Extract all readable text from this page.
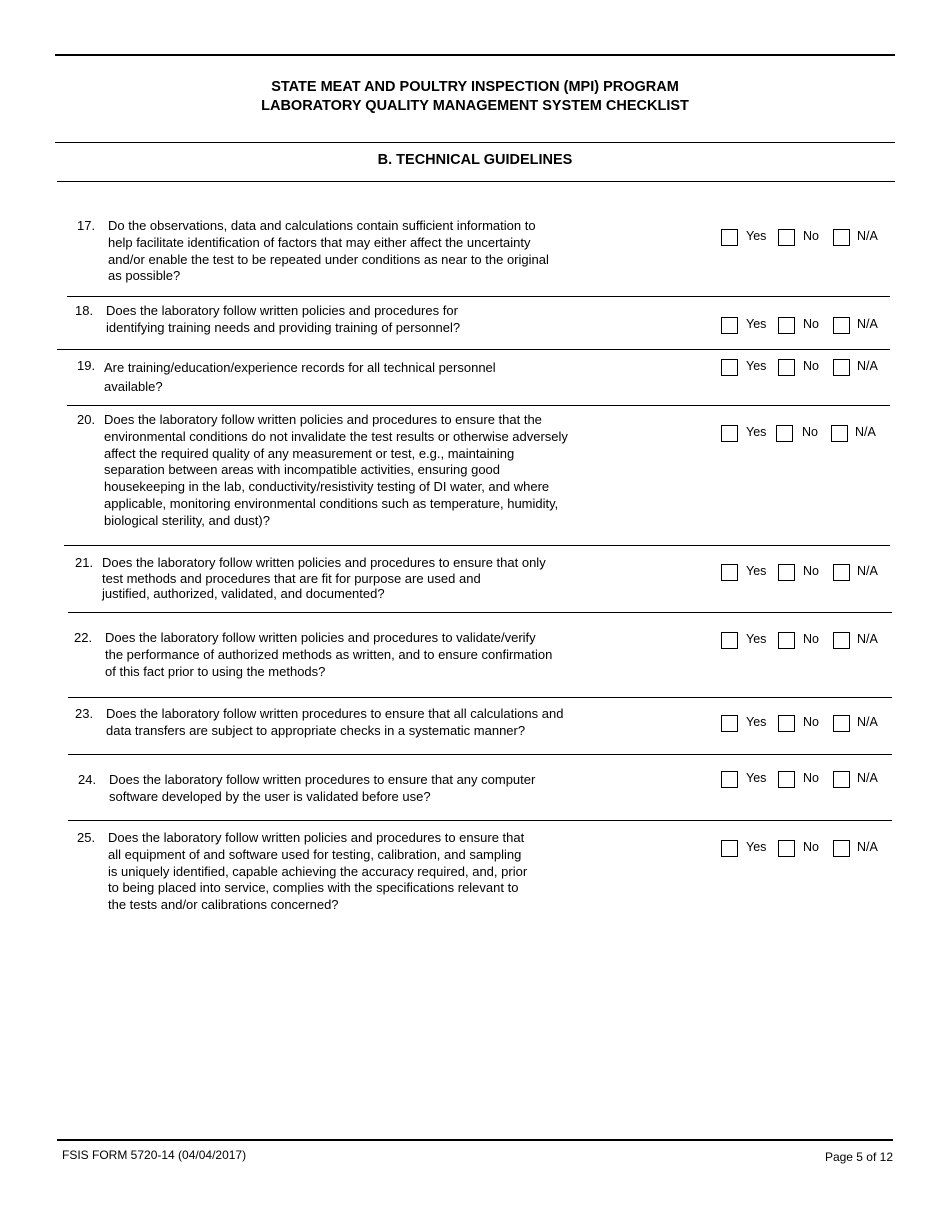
STATE MEAT AND POULTRY INSPECTION (MPI) PROGRAM
LABORATORY QUALITY MANAGEMENT SYSTEM CHECKLIST
B. TECHNICAL GUIDELINES
17. Do the observations, data and calculations contain sufficient information to
help facilitate identification of factors that may either affect the uncertainty
and/or enable the test to be repeated under conditions as near to the original
as possible?
Yes	No	N/A
18. Does the laboratory follow written policies and procedures for
identifying training needs and providing training of personnel?	Yes	No	N/A
19. Are training/education/experience records for all technical personnel
available?
Yes	No	N/A
20. Does the laboratory follow written policies and procedures to ensure that the
environmental conditions do not invalidate the test results or otherwise adversely
affect the required quality of any measurement or test, e.g., maintaining
separation between areas with incompatible activities, ensuring good
housekeeping in the lab, conductivity/resistivity testing of DI water, and where
applicable, monitoring environmental conditions such as temperature, humidity,
biological sterility, and dust)?
Yes	No	N/A
21. Does the laboratory follow written policies and procedures to ensure that only
test methods and procedures that are fit for purpose are used and
justified, authorized, validated, and documented?
Yes	No	N/A
22. Does the laboratory follow written policies and procedures to validate/verify
the performance of authorized methods as written, and to ensure confirmation
of this fact prior to using the methods?
Yes	No	N/A
23. Does the laboratory follow written procedures to ensure that all calculations and
data transfers are subject to appropriate checks in a systematic manner?
Yes	No	N/A
24. Does the laboratory follow written procedures to ensure that any computer
software developed by the user is validated before use?
Yes	No	N/A
25. Does the laboratory follow written policies and procedures to ensure that
all equipment of and software used for testing, calibration, and sampling
is uniquely identified, capable achieving the accuracy required, and, prior
to being placed into service, complies with the specifications relevant to
the tests and/or calibrations concerned?
Yes	No	N/A
FSIS FORM 5720-14 (04/04/2017)	Page 5 of 12
